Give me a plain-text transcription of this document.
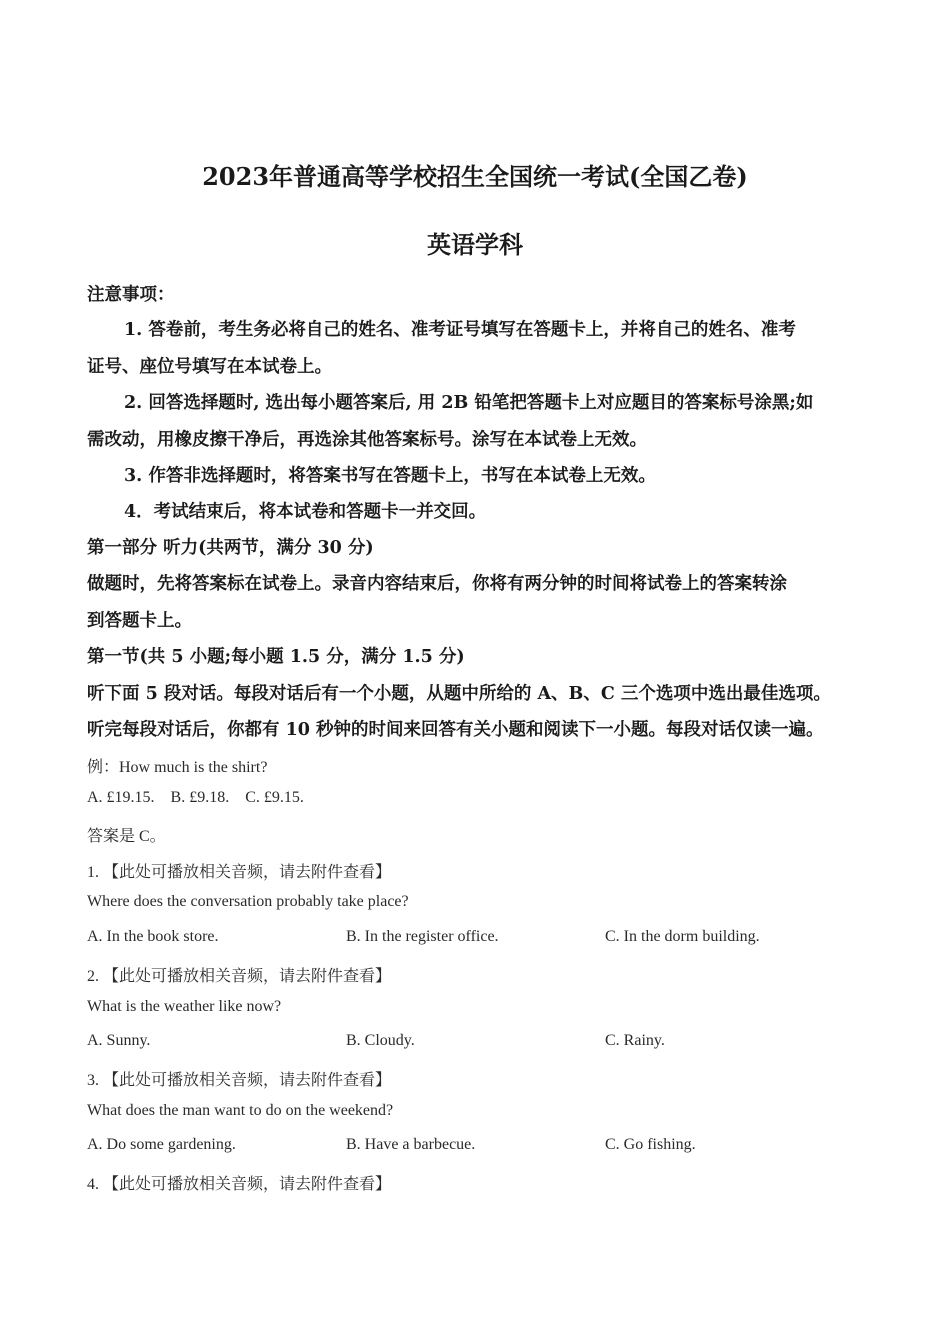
2023年普通高等学校招生全国统一考试(全国乙卷)
英语学科
注意事项：
1. 答卷前，考生务必将自己的姓名、准考证号填写在答题卡上，并将自己的姓名、准考
证号、座位号填写在本试卷上。
2. 回答选择题时, 选出每小题答案后, 用 2B 铅笔把答题卡上对应题目的答案标号涂黑;如
需改动，用橡皮擦干净后，再选涂其他答案标号。涂写在本试卷上无效。
3. 作答非选择题时，将答案书写在答题卡上，书写在本试卷上无效。
4．考试结束后，将本试卷和答题卡一并交回。
第一部分 听力(共两节，满分 30 分)
做题时，先将答案标在试卷上。录音内容结束后，你将有两分钟的时间将试卷上的答案转涂
到答题卡上。
第一节(共 5 小题;每小题 1.5 分，满分 1.5 分)
听下面 5 段对话。每段对话后有一个小题，从题中所给的 A、B、C 三个选项中选出最佳选项。
听完每段对话后，你都有 10 秒钟的时间来回答有关小题和阅读下一小题。每段对话仅读一遍。
例：How much is the shirt?
A. £19.15.    B. £9.18.    C. £9.15.
答案是 C。
1. 【此处可播放相关音频，请去附件查看】
Where does the conversation probably take place?
A. In the book store.	B. In the register office.	C. In the dorm building.
2. 【此处可播放相关音频，请去附件查看】
What is the weather like now?
A. Sunny.	B. Cloudy.	C. Rainy.
3. 【此处可播放相关音频，请去附件查看】
What does the man want to do on the weekend?
A. Do some gardening.	B. Have a barbecue.	C. Go fishing.
4. 【此处可播放相关音频，请去附件查看】
